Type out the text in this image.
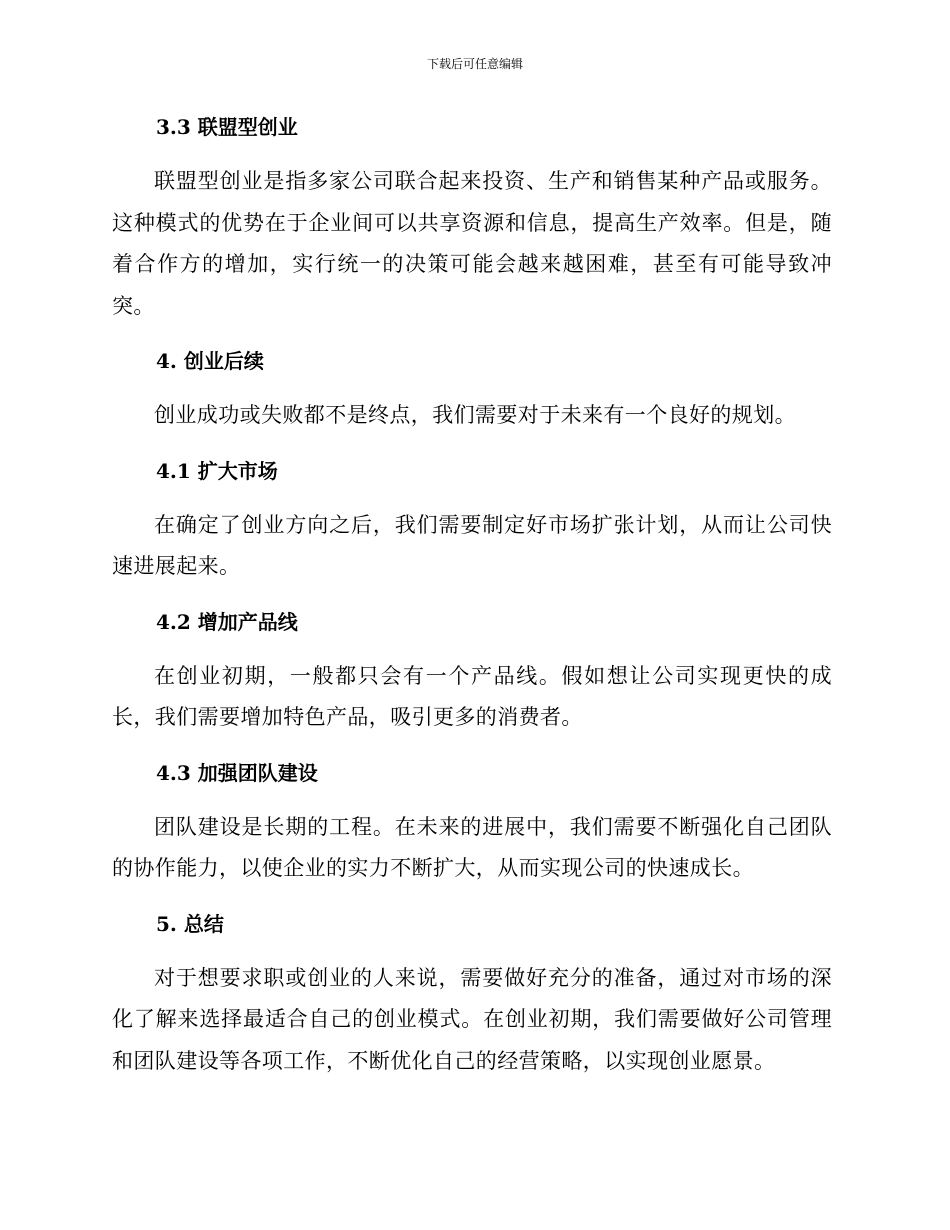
下载后可任意编辑
3.3 联盟型创业

联盟型创业是指多家公司联合起来投资、生产和销售某种产品或服务。这种模式的优势在于企业间可以共享资源和信息，提高生产效率。但是，随着合作方的增加，实行统一的决策可能会越来越困难，甚至有可能导致冲突。

4. 创业后续

创业成功或失败都不是终点，我们需要对于未来有一个良好的规划。

4.1 扩大市场

在确定了创业方向之后，我们需要制定好市场扩张计划，从而让公司快速进展起来。

4.2 增加产品线

在创业初期，一般都只会有一个产品线。假如想让公司实现更快的成长，我们需要增加特色产品，吸引更多的消费者。

4.3 加强团队建设

团队建设是长期的工程。在未来的进展中，我们需要不断强化自己团队的协作能力，以使企业的实力不断扩大，从而实现公司的快速成长。

5. 总结

对于想要求职或创业的人来说，需要做好充分的准备，通过对市场的深化了解来选择最适合自己的创业模式。在创业初期，我们需要做好公司管理和团队建设等各项工作，不断优化自己的经营策略，以实现创业愿景。
